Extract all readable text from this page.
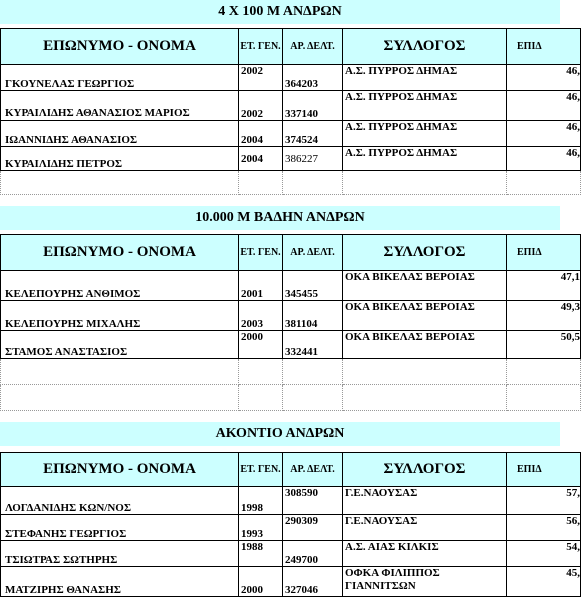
4 Χ 100 Μ ΑΝΔΡΩΝ
ΕΠΩΝΥΜΟ - ΟΝΟΜΑ	ΕΤ. ΓΕΝ.	ΑΡ. ΔΕΛΤ.	ΣΥΛΛΟΓΟΣ	ΕΠΙΔ
ΓΚΟΥΝΕΛΑΣ ΓΕΩΡΓΙΟΣ	2002	364203	Α.Σ. ΠΥΡΡΟΣ ΔΗΜΑΣ	46,
ΚΥΡΑΙΛΙΔΗΣ ΑΘΑΝΑΣΙΟΣ ΜΑΡΙΟΣ	2002	337140	Α.Σ. ΠΥΡΡΟΣ ΔΗΜΑΣ	46,
ΙΩΑΝΝΙΔΗΣ ΑΘΑΝΑΣΙΟΣ	2004	374524	Α.Σ. ΠΥΡΡΟΣ ΔΗΜΑΣ	46,
ΚΥΡΑΙΛΙΔΗΣ ΠΕΤΡΟΣ	2004	386227	Α.Σ. ΠΥΡΡΟΣ ΔΗΜΑΣ	46,

10.000 Μ ΒΑΔΗΝ ΑΝΔΡΩΝ
ΕΠΩΝΥΜΟ - ΟΝΟΜΑ	ΕΤ. ΓΕΝ.	ΑΡ. ΔΕΛΤ.	ΣΥΛΛΟΓΟΣ	ΕΠΙΔ
ΚΕΛΕΠΟΥΡΗΣ ΑΝΘΙΜΟΣ	2001	345455	ΟΚΑ ΒΙΚΕΛΑΣ ΒΕΡΟΙΑΣ	47,1
ΚΕΛΕΠΟΥΡΗΣ ΜΙΧΑΛΗΣ	2003	381104	ΟΚΑ ΒΙΚΕΛΑΣ ΒΕΡΟΙΑΣ	49,3
ΣΤΑΜΟΣ ΑΝΑΣΤΑΣΙΟΣ	2000	332441	ΟΚΑ ΒΙΚΕΛΑΣ ΒΕΡΟΙΑΣ	50,5

ΑΚΟΝΤΙΟ ΑΝΔΡΩΝ
ΕΠΩΝΥΜΟ - ΟΝΟΜΑ	ΕΤ. ΓΕΝ.	ΑΡ. ΔΕΛΤ.	ΣΥΛΛΟΓΟΣ	ΕΠΙΔ
ΛΟΓΔΑΝΙΔΗΣ ΚΩΝ/ΝΟΣ	1998	308590	Γ.Ε.ΝΑΟΥΣΑΣ	57,
ΣΤΕΦΑΝΗΣ ΓΕΩΡΓΙΟΣ	1993	290309	Γ.Ε.ΝΑΟΥΣΑΣ	56,
ΤΣΙΩΤΡΑΣ ΣΩΤΗΡΗΣ	1988	249700	Α.Σ. ΑΙΑΣ ΚΙΛΚΙΣ	54,
ΜΑΤΖΙΡΗΣ ΘΑΝΑΣΗΣ	2000	327046	ΟΦΚΑ ΦΙΛΙΠΠΟΣ ΓΙΑΝΝΙΤΣΩΝ	45,
